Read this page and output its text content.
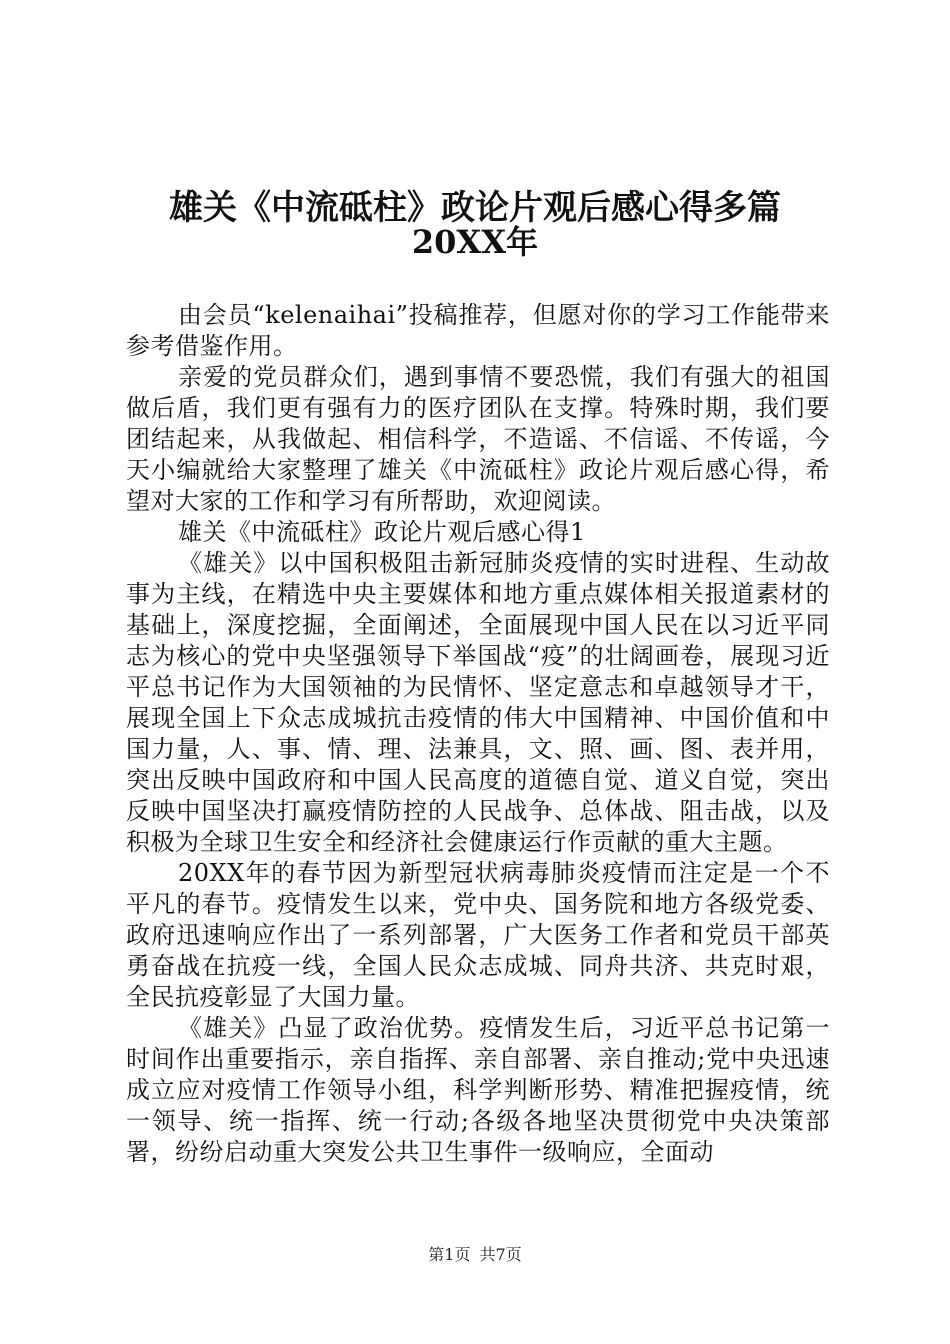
雄关《中流砥柱》政论片观后感心得多篇
20XX年

由会员“kelenaihai”投稿推荐，但愿对你的学习工作能带来参考借鉴作用。

亲爱的党员群众们，遇到事情不要恐慌，我们有强大的祖国做后盾，我们更有强有力的医疗团队在支撑。特殊时期，我们要团结起来，从我做起、相信科学，不造谣、不信谣、不传谣，今天小编就给大家整理了雄关《中流砥柱》政论片观后感心得，希望对大家的工作和学习有所帮助，欢迎阅读。

雄关《中流砥柱》政论片观后感心得1

《雄关》以中国积极阻击新冠肺炎疫情的实时进程、生动故事为主线，在精选中央主要媒体和地方重点媒体相关报道素材的基础上，深度挖掘，全面阐述，全面展现中国人民在以习近平同志为核心的党中央坚强领导下举国战“疫”的壮阔画卷，展现习近平总书记作为大国领袖的为民情怀、坚定意志和卓越领导才干，展现全国上下众志成城抗击疫情的伟大中国精神、中国价值和中国力量，人、事、情、理、法兼具，文、照、画、图、表并用，突出反映中国政府和中国人民高度的道德自觉、道义自觉，突出反映中国坚决打赢疫情防控的人民战争、总体战、阻击战，以及积极为全球卫生安全和经济社会健康运行作贡献的重大主题。

20XX年的春节因为新型冠状病毒肺炎疫情而注定是一个不平凡的春节。疫情发生以来，党中央、国务院和地方各级党委、政府迅速响应作出了一系列部署，广大医务工作者和党员干部英勇奋战在抗疫一线，全国人民众志成城、同舟共济、共克时艰，全民抗疫彰显了大国力量。

《雄关》凸显了政治优势。疫情发生后，习近平总书记第一时间作出重要指示，亲自指挥、亲自部署、亲自推动;党中央迅速成立应对疫情工作领导小组，科学判断形势、精准把握疫情，统一领导、统一指挥、统一行动;各级各地坚决贯彻党中央决策部署，纷纷启动重大突发公共卫生事件一级响应，全面动

第1页 共7页
